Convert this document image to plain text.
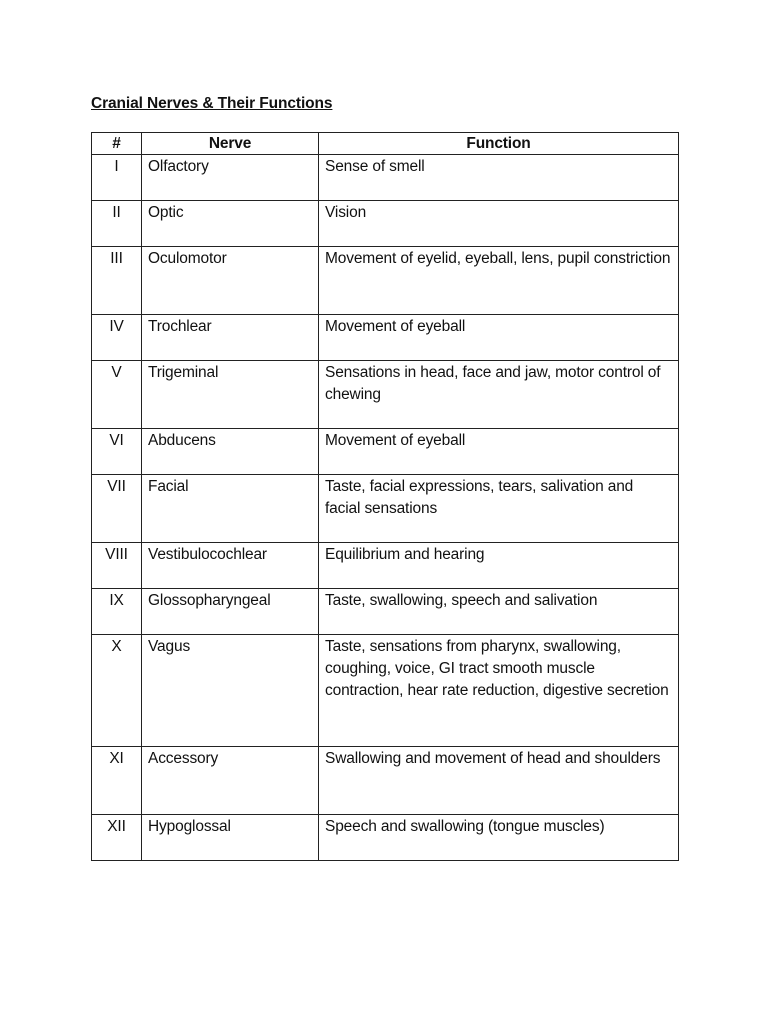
Cranial Nerves & Their Functions
#	Nerve	Function
I	Olfactory	Sense of smell
II	Optic	Vision
III	Oculomotor	Movement of eyelid, eyeball, lens, pupil constriction
IV	Trochlear	Movement of eyeball
V	Trigeminal	Sensations in head, face and jaw, motor control of chewing
VI	Abducens	Movement of eyeball
VII	Facial	Taste, facial expressions, tears, salivation and facial sensations
VIII	Vestibulocochlear	Equilibrium and hearing
IX	Glossopharyngeal	Taste, swallowing, speech and salivation
X	Vagus	Taste, sensations from pharynx, swallowing, coughing, voice, GI tract smooth muscle contraction, hear rate reduction, digestive secretion
XI	Accessory	Swallowing and movement of head and shoulders
XII	Hypoglossal	Speech and swallowing (tongue muscles)
